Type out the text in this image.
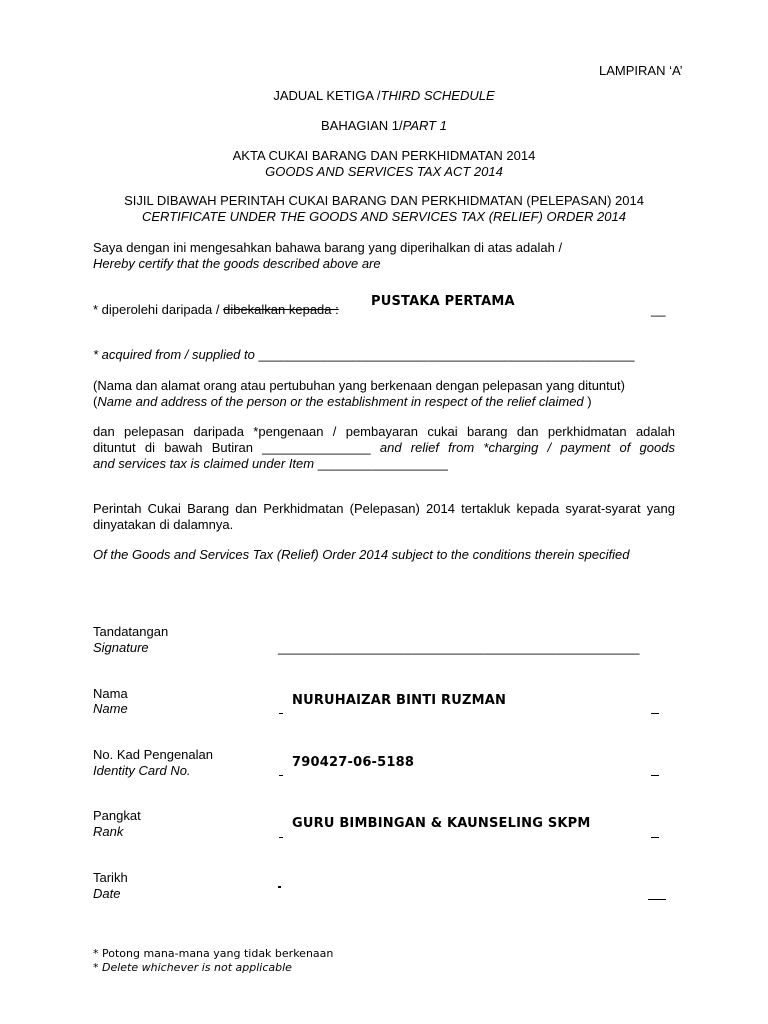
LAMPIRAN ‘A’
JADUAL KETIGA /THIRD SCHEDULE
BAHAGIAN 1/PART 1
AKTA CUKAI BARANG DAN PERKHIDMATAN 2014
GOODS AND SERVICES TAX ACT 2014
SIJIL DIBAWAH PERINTAH CUKAI BARANG DAN PERKHIDMATAN (PELEPASAN) 2014
CERTIFICATE UNDER THE GOODS AND SERVICES TAX (RELIEF) ORDER 2014
Saya dengan ini mengesahkan bahawa barang yang diperihalkan di atas adalah /
Hereby certify that the goods described above are
* diperolehi daripada / dibekalkan kepada :
PUSTAKA PERTAMA
__
* acquired from / supplied to ____________________________________________________
(Nama dan alamat orang atau pertubuhan yang berkenaan dengan pelepasan yang dituntut)
(Name and address of the person or the establishment in respect of the relief claimed )

dan pelepasan daripada *pengenaan / pembayaran cukai barang dan perkhidmatan adalah

dituntut di bawah Butiran _______________ and relief from *charging / payment of goods

and services tax is claimed under Item __________________

Perintah Cukai Barang dan Perkhidmatan (Pelepasan) 2014 tertakluk kepada syarat-syarat yang dinyatakan di dalamnya.
Of the Goods and Services Tax (Relief) Order 2014 subject to the conditions therein specified
Tandatangan
Signature	__________________________________________________
Nama
Name
NURUHAIZAR BINTI RUZMAN
No. Kad Pengenalan
Identity Card No.
790427-06-5188
Pangkat
Rank
GURU BIMBINGAN & KAUNSELING SKPM
Tarikh
Date
* Potong mana-mana yang tidak berkenaan
* Delete whichever is not applicable
